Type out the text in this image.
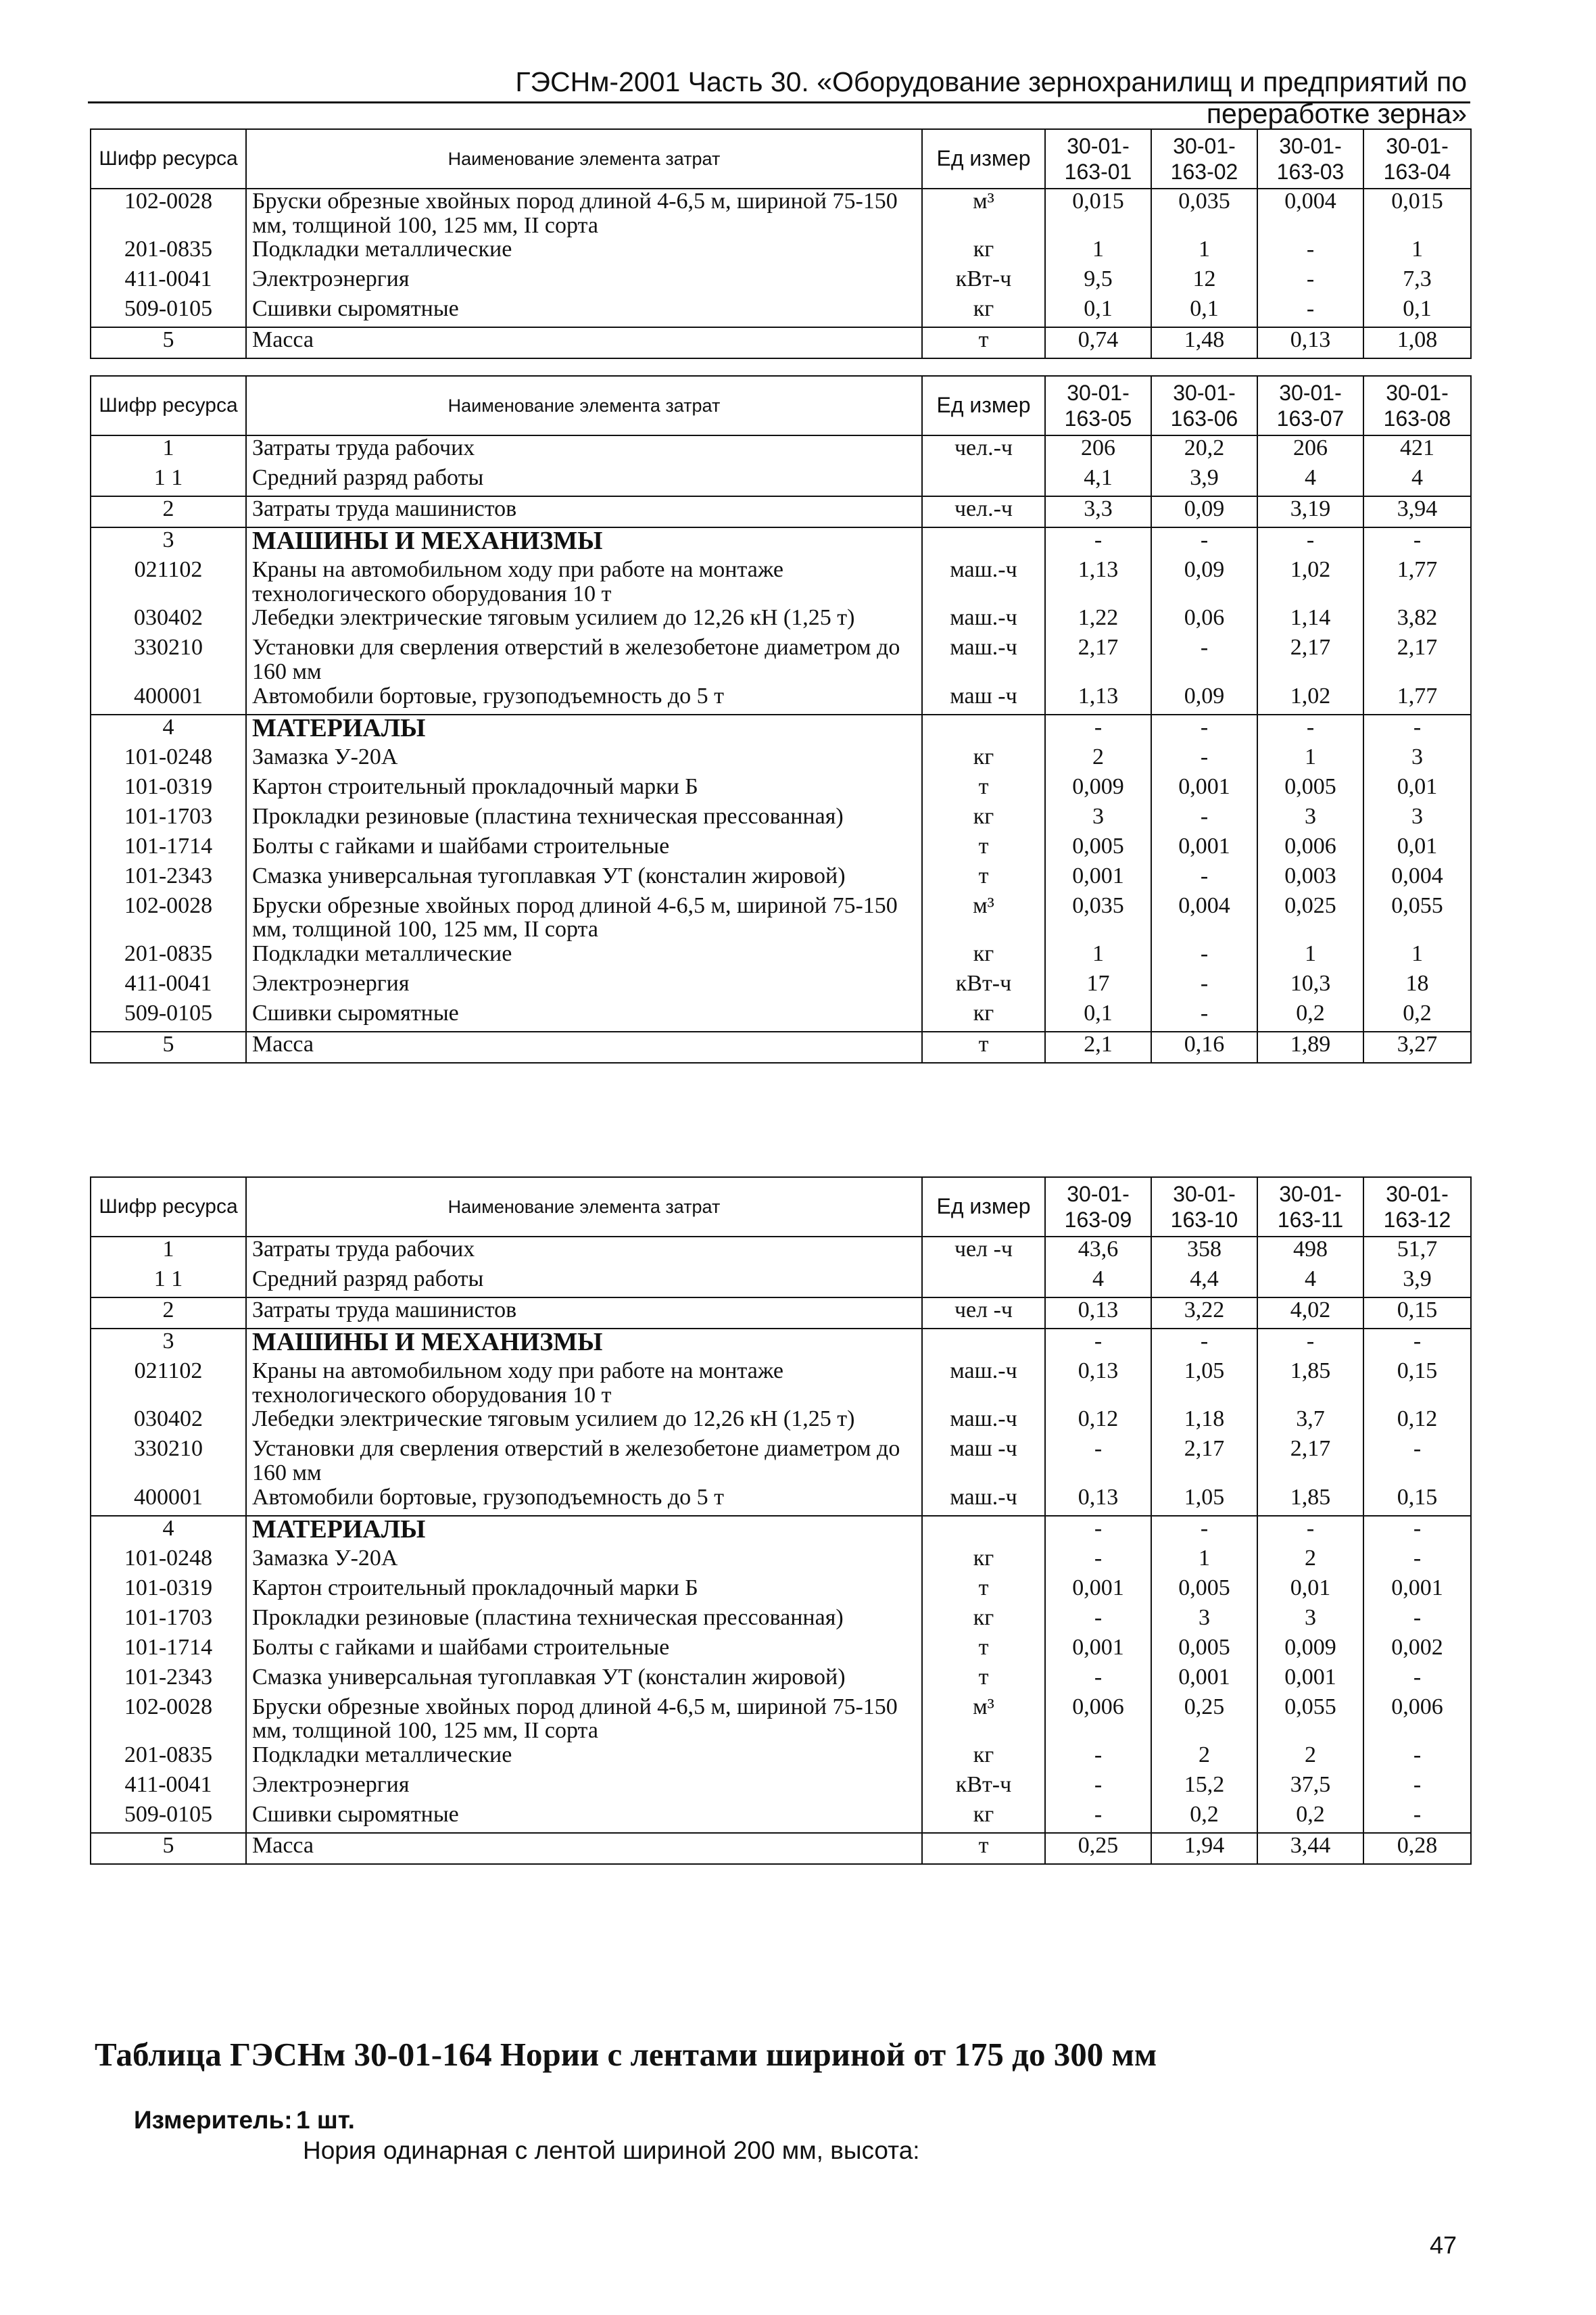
ГЭСНм-2001 Часть 30. «Оборудование зернохранилищ и предприятий по переработке зерна»
Шифр ресурса	Наименование элемента затрат	Ед измер	30-01-163-01	30-01-163-02	30-01-163-03	30-01-163-04
102-0028	Бруски обрезные хвойных пород длиной 4-6,5 м, шириной 75-150 мм, толщиной 100, 125 мм, II сорта	м³	0,015	0,035	0,004	0,015
201-0835	Подкладки металлические	кг	1	1	-	1
411-0041	Электроэнергия	кВт-ч	9,5	12	-	7,3
509-0105	Сшивки сыромятные	кг	0,1	0,1	-	0,1
5	Масса	т	0,74	1,48	0,13	1,08
Шифр ресурса	Наименование элемента затрат	Ед измер	30-01-163-05	30-01-163-06	30-01-163-07	30-01-163-08
1	Затраты труда рабочих	чел.-ч	206	20,2	206	421
1 1	Средний разряд работы		4,1	3,9	4	4
2	Затраты труда машинистов	чел.-ч	3,3	0,09	3,19	3,94
3	МАШИНЫ И МЕХАНИЗМЫ		-	-	-	-
021102	Краны на автомобильном ходу при работе на монтаже технологического оборудования 10 т	маш.-ч	1,13	0,09	1,02	1,77
030402	Лебедки электрические тяговым усилием до 12,26 кН (1,25 т)	маш.-ч	1,22	0,06	1,14	3,82
330210	Установки для сверления отверстий в железобетоне диаметром до 160 мм	маш.-ч	2,17	-	2,17	2,17
400001	Автомобили бортовые, грузоподъемность до 5 т	маш -ч	1,13	0,09	1,02	1,77
4	МАТЕРИАЛЫ		-	-	-	-
101-0248	Замазка У-20А	кг	2	-	1	3
101-0319	Картон строительный прокладочный марки Б	т	0,009	0,001	0,005	0,01
101-1703	Прокладки резиновые (пластина техническая прессованная)	кг	3	-	3	3
101-1714	Болты с гайками и шайбами строительные	т	0,005	0,001	0,006	0,01
101-2343	Смазка универсальная тугоплавкая УТ (консталин жировой)	т	0,001	-	0,003	0,004
102-0028	Бруски обрезные хвойных пород длиной 4-6,5 м, шириной 75-150 мм, толщиной 100, 125 мм, II сорта	м³	0,035	0,004	0,025	0,055
201-0835	Подкладки металлические	кг	1	-	1	1
411-0041	Электроэнергия	кВт-ч	17	-	10,3	18
509-0105	Сшивки сыромятные	кг	0,1	-	0,2	0,2
5	Масса	т	2,1	0,16	1,89	3,27
Шифр ресурса	Наименование элемента затрат	Ед измер	30-01-163-09	30-01-163-10	30-01-163-11	30-01-163-12
1	Затраты труда рабочих	чел -ч	43,6	358	498	51,7
1 1	Средний разряд работы		4	4,4	4	3,9
2	Затраты труда машинистов	чел -ч	0,13	3,22	4,02	0,15
3	МАШИНЫ И МЕХАНИЗМЫ		-	-	-	-
021102	Краны на автомобильном ходу при работе на монтаже технологического оборудования 10 т	маш.-ч	0,13	1,05	1,85	0,15
030402	Лебедки электрические тяговым усилием до 12,26 кН (1,25 т)	маш.-ч	0,12	1,18	3,7	0,12
330210	Установки для сверления отверстий в железобетоне диаметром до 160 мм	маш -ч	-	2,17	2,17	-
400001	Автомобили бортовые, грузоподъемность до 5 т	маш.-ч	0,13	1,05	1,85	0,15
4	МАТЕРИАЛЫ		-	-	-	-
101-0248	Замазка У-20А	кг	-	1	2	-
101-0319	Картон строительный прокладочный марки Б	т	0,001	0,005	0,01	0,001
101-1703	Прокладки резиновые (пластина техническая прессованная)	кг	-	3	3	-
101-1714	Болты с гайками и шайбами строительные	т	0,001	0,005	0,009	0,002
101-2343	Смазка универсальная тугоплавкая УТ (консталин жировой)	т	-	0,001	0,001	-
102-0028	Бруски обрезные хвойных пород длиной 4-6,5 м, шириной 75-150 мм, толщиной 100, 125 мм, II сорта	м³	0,006	0,25	0,055	0,006
201-0835	Подкладки металлические	кг	-	2	2	-
411-0041	Электроэнергия	кВт-ч	-	15,2	37,5	-
509-0105	Сшивки сыромятные	кг	-	0,2	0,2	-
5	Масса	т	0,25	1,94	3,44	0,28
Таблица ГЭСНм 30-01-164 Нории с лентами шириной от 175 до 300 мм
Измеритель: 1 шт.
Нория одинарная с лентой шириной 200 мм, высота:
47
